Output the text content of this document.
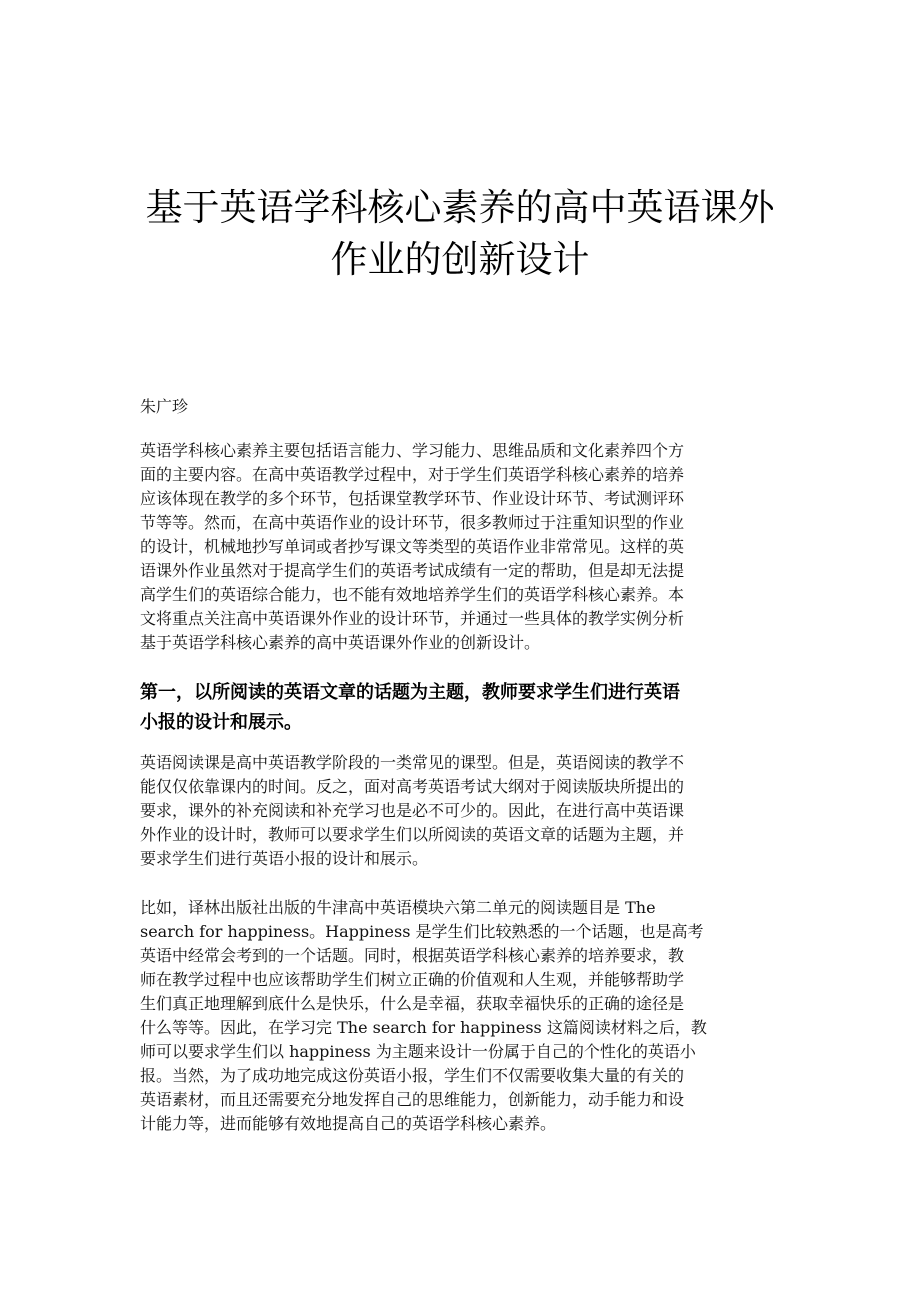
基于英语学科核心素养的高中英语课外
作业的创新设计
朱广珍

英语学科核心素养主要包括语言能力、学习能力、思维品质和文化素养四个方
面的主要内容。在高中英语教学过程中，对于学生们英语学科核心素养的培养
应该体现在教学的多个环节，包括课堂教学环节、作业设计环节、考试测评环
节等等。然而，在高中英语作业的设计环节，很多教师过于注重知识型的作业
的设计，机械地抄写单词或者抄写课文等类型的英语作业非常常见。这样的英
语课外作业虽然对于提高学生们的英语考试成绩有一定的帮助，但是却无法提
高学生们的英语综合能力，也不能有效地培养学生们的英语学科核心素养。本
文将重点关注高中英语课外作业的设计环节，并通过一些具体的教学实例分析
基于英语学科核心素养的高中英语课外作业的创新设计。

第一，以所阅读的英语文章的话题为主题，教师要求学生们进行英语
小报的设计和展示。

英语阅读课是高中英语教学阶段的一类常见的课型。但是，英语阅读的教学不
能仅仅依靠课内的时间。反之，面对高考英语考试大纲对于阅读版块所提出的
要求，课外的补充阅读和补充学习也是必不可少的。因此，在进行高中英语课
外作业的设计时，教师可以要求学生们以所阅读的英语文章的话题为主题，并
要求学生们进行英语小报的设计和展示。

比如，译林出版社出版的牛津高中英语模块六第二单元的阅读题目是 The
search for happiness。Happiness 是学生们比较熟悉的一个话题，也是高考
英语中经常会考到的一个话题。同时，根据英语学科核心素养的培养要求，教
师在教学过程中也应该帮助学生们树立正确的价值观和人生观，并能够帮助学
生们真正地理解到底什么是快乐，什么是幸福，获取幸福快乐的正确的途径是
什么等等。因此，在学习完 The search for happiness 这篇阅读材料之后，教
师可以要求学生们以 happiness 为主题来设计一份属于自己的个性化的英语小
报。当然，为了成功地完成这份英语小报，学生们不仅需要收集大量的有关的
英语素材，而且还需要充分地发挥自己的思维能力，创新能力，动手能力和设
计能力等，进而能够有效地提高自己的英语学科核心素养。
